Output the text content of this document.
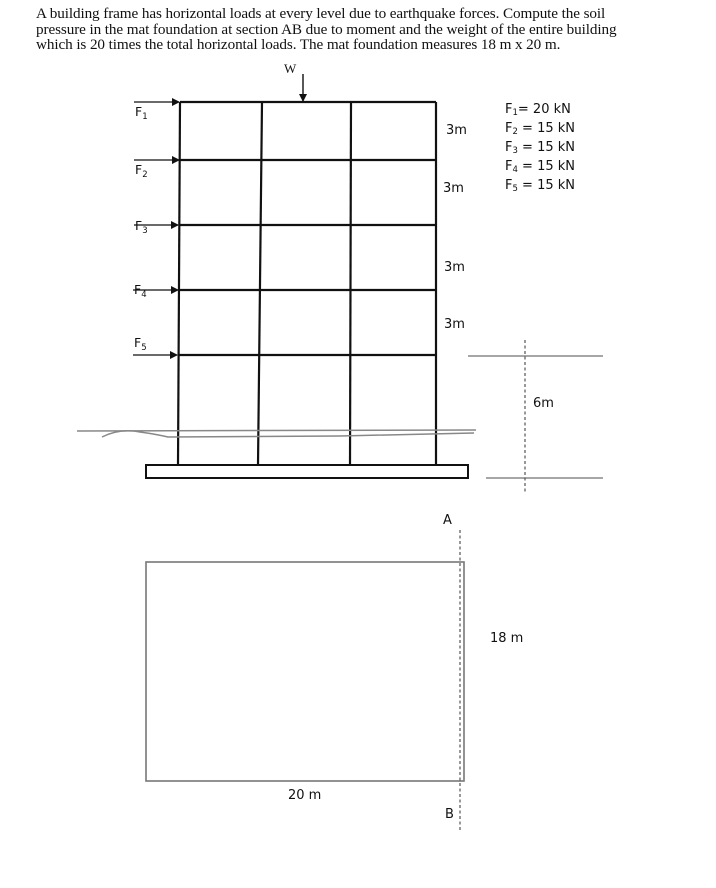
A building frame has horizontal loads at every level due to earthquake forces. Compute the soil
pressure in the mat foundation at section AB due to moment and the weight of the entire building
which is 20 times the total horizontal loads. The mat foundation measures 18 m x 20 m.
W
$F_1$
$F_2$
$F_3$
$F_4$
$F_5$
3m
3m
3m
3m
F1= 20 kN
F2 = 15 kN
F3 = 15 kN
F4 = 15 kN
F5 = 15 kN
6m
A
B
20 m
18 m
